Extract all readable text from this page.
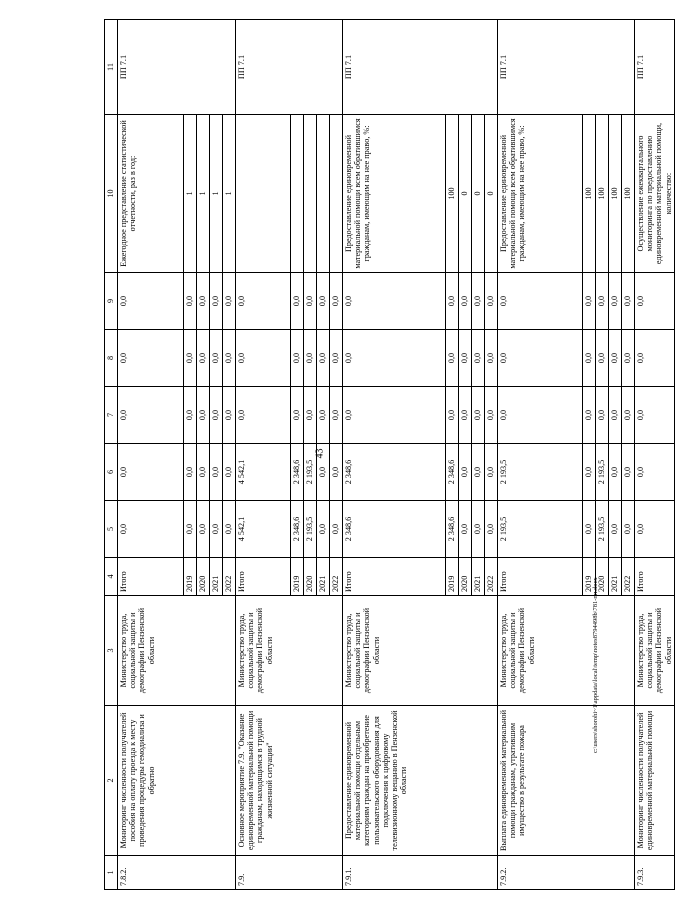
43
1	2	3	4	5	6	7	8	9	10	11
7.8.2.	Мониторинг численности получателей пособия на оплату проезда к месту проведения процедуры гемодиализа и обратно	Министерство труда, социальной защиты и демографии Пензенской области	Итого	0,0	0,0	0,0	0,0	0,0	Ежегодное представление статистической отчетности, раз в год:	ПП 7.1
			2019	0,0	0,0	0,0	0,0	0,0	1	
			2020	0,0	0,0	0,0	0,0	0,0	1	
			2021	0,0	0,0	0,0	0,0	0,0	1	
			2022	0,0	0,0	0,0	0,0	0,0	1	
7.9.	Основное мероприятие 7.9. "Оказание единовременной материальной помощи гражданам, находящимся в трудной жизненной ситуации"	Министерство труда, социальной защиты и демографии Пензенской области	Итого	4 542,1	4 542,1	0,0	0,0	0,0		ПП 7.1
			2019	2 348,6	2 348,6	0,0	0,0	0,0		
			2020	2 193,5	2 193,5	0,0	0,0	0,0		
			2021	0,0	0,0	0,0	0,0	0,0		
			2022	0,0	0,0	0,0	0,0	0,0		
7.9.1.	Предоставление единовременной материальной помощи отдельным категориям граждан на приобретение пользовательского оборудования для подключения к цифровому телевизионному вещанию в Пензенской области	Министерство труда, социальной защиты и демографии Пензенской области	Итого	2 348,6	2 348,6	0,0	0,0	0,0	Предоставление единовременной материальной помощи всем обратившимся гражданам, имеющим на нее право, %:	ПП 7.1
			2019	2 348,6	2 348,6	0,0	0,0	0,0	100	
			2020	0,0	0,0	0,0	0,0	0,0	0	
			2021	0,0	0,0	0,0	0,0	0,0	0	
			2022	0,0	0,0	0,0	0,0	0,0	0	
7.9.2.	Выплата единовременной материальной помощи гражданам, утратившим имущество в результате пожара	Министерство труда, социальной защиты и демографии Пензенской области	Итого	2 193,5	2 193,5	0,0	0,0	0,0	Предоставление единовременной материальной помощи всем обратившимся гражданам, имеющим на нее право, %:	ПП 7.1
			2019	0,0	0,0	0,0	0,0	0,0	100	
			2020	2 193,5	2 193,5	0,0	0,0	0,0	100	
			2021	0,0	0,0	0,0	0,0	0,0	100	
			2022	0,0	0,0	0,0	0,0	0,0	100	
7.9.3.	Мониторинг численности получателей единовременной материальной помощи	Министерство труда, социальной защиты и демографии Пензенской области	Итого	0,0	0,0	0,0	0,0	0,0	Осуществление ежеквартального мониторинга по предоставлению единовременной материальной помощи, количество:	ПП 7.1
c:\users\shorohi~1\appdata\local\temp\notes8794498b\781-пп.docx
